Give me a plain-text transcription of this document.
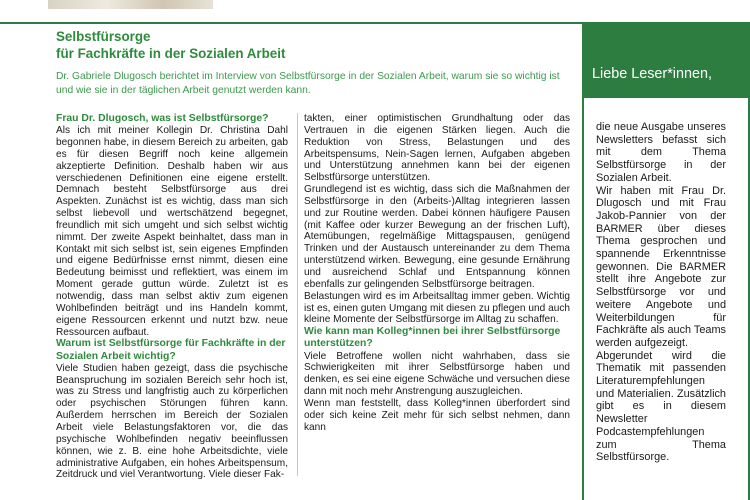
Selbstfürsorge
für Fachkräfte in der Sozialen Arbeit

Dr. Gabriele Dlugosch berichtet im Interview von Selbstfürsorge in der Sozialen Arbeit, warum sie so wichtig ist und wie sie in der täglichen Arbeit genutzt werden kann.

Frau Dr. Dlugosch, was ist Selbstfürsorge?

Als ich mit meiner Kollegin Dr. Christina Dahl begonnen habe, in diesem Bereich zu arbeiten, gab es für diesen Begriff noch keine allgemein akzeptierte Definition. Deshalb haben wir aus verschiedenen Definitionen eine eigene erstellt. Demnach besteht Selbstfürsorge aus drei Aspekten. Zunächst ist es wichtig, dass man sich selbst liebevoll und wertschätzend begegnet, freundlich mit sich umgeht und sich selbst wichtig nimmt. Der zweite Aspekt beinhaltet, dass man in Kontakt mit sich selbst ist, sein eigenes Empfinden und eigene Bedürfnisse ernst nimmt, diesen eine Bedeutung beimisst und reflektiert, was einem im Moment gerade guttun würde. Zuletzt ist es notwendig, dass man selbst aktiv zum eigenen Wohlbefinden beiträgt und ins Handeln kommt, eigene Ressourcen erkennt und nutzt bzw. neue Ressourcen aufbaut.

Warum ist Selbstfürsorge für Fachkräfte in der Sozialen Arbeit wichtig?

Viele Studien haben gezeigt, dass die psychische Beanspruchung im sozialen Bereich sehr hoch ist, was zu Stress und langfristig auch zu körperlichen oder psychischen Störungen führen kann. Außerdem herrschen im Bereich der Sozialen Arbeit viele Belastungsfaktoren vor, die das psychische Wohlbefinden negativ beeinflussen können, wie z. B. eine hohe Arbeitsdichte, viele administrative Aufgaben, ein hohes Arbeitspensum, Zeitdruck und viel Verantwortung. Viele dieser Fak-

takten, einer optimistischen Grundhaltung oder das Vertrauen in die eigenen Stärken liegen. Auch die Reduktion von Stress, Belastungen und des Arbeitspensums, Nein-Sagen lernen, Aufgaben abgeben und Unterstützung annehmen kann bei der eigenen Selbstfürsorge unterstützen.

Grundlegend ist es wichtig, dass sich die Maßnahmen der Selbstfürsorge in den (Arbeits-)Alltag integrieren lassen und zur Routine werden. Dabei können häufigere Pausen (mit Kaffee oder kurzer Bewegung an der frischen Luft), Atemübungen, regelmäßige Mittagspausen, genügend Trinken und der Austausch untereinander zu dem Thema unterstützend wirken. Bewegung, eine gesunde Ernährung und ausreichend Schlaf und Entspannung können ebenfalls zur gelingenden Selbstfürsorge beitragen.

Belastungen wird es im Arbeitsalltag immer geben. Wichtig ist es, einen guten Umgang mit diesen zu pflegen und auch kleine Momente der Selbstfürsorge im Alltag zu schaffen.

Wie kann man Kolleg*innen bei ihrer Selbstfürsorge unterstützen?

Viele Betroffene wollen nicht wahrhaben, dass sie Schwierigkeiten mit ihrer Selbstfürsorge haben und denken, es sei eine eigene Schwäche und versuchen diese dann mit noch mehr Anstrengung auszugleichen.

Wenn man feststellt, dass Kolleg*innen überfordert sind oder sich keine Zeit mehr für sich selbst nehmen, dann kann

Liebe Leser*innen,

die neue Ausgabe unseres Newsletters befasst sich mit dem Thema Selbstfürsorge in der Sozialen Arbeit.

Wir haben mit Frau Dr. Dlugosch und mit Frau Jakob-Pannier von der BARMER über dieses Thema gesprochen und spannende Erkenntnisse gewonnen. Die BARMER stellt ihre Angebote zur Selbstfürsorge vor und weitere Angebote und Weiterbildungen für Fachkräfte als auch Teams werden aufgezeigt.

Abgerundet wird die Thematik mit passenden Literaturempfehlungen und Materialien. Zusätzlich gibt es in diesem Newsletter Podcastempfehlungen zum Thema Selbstfürsorge.
